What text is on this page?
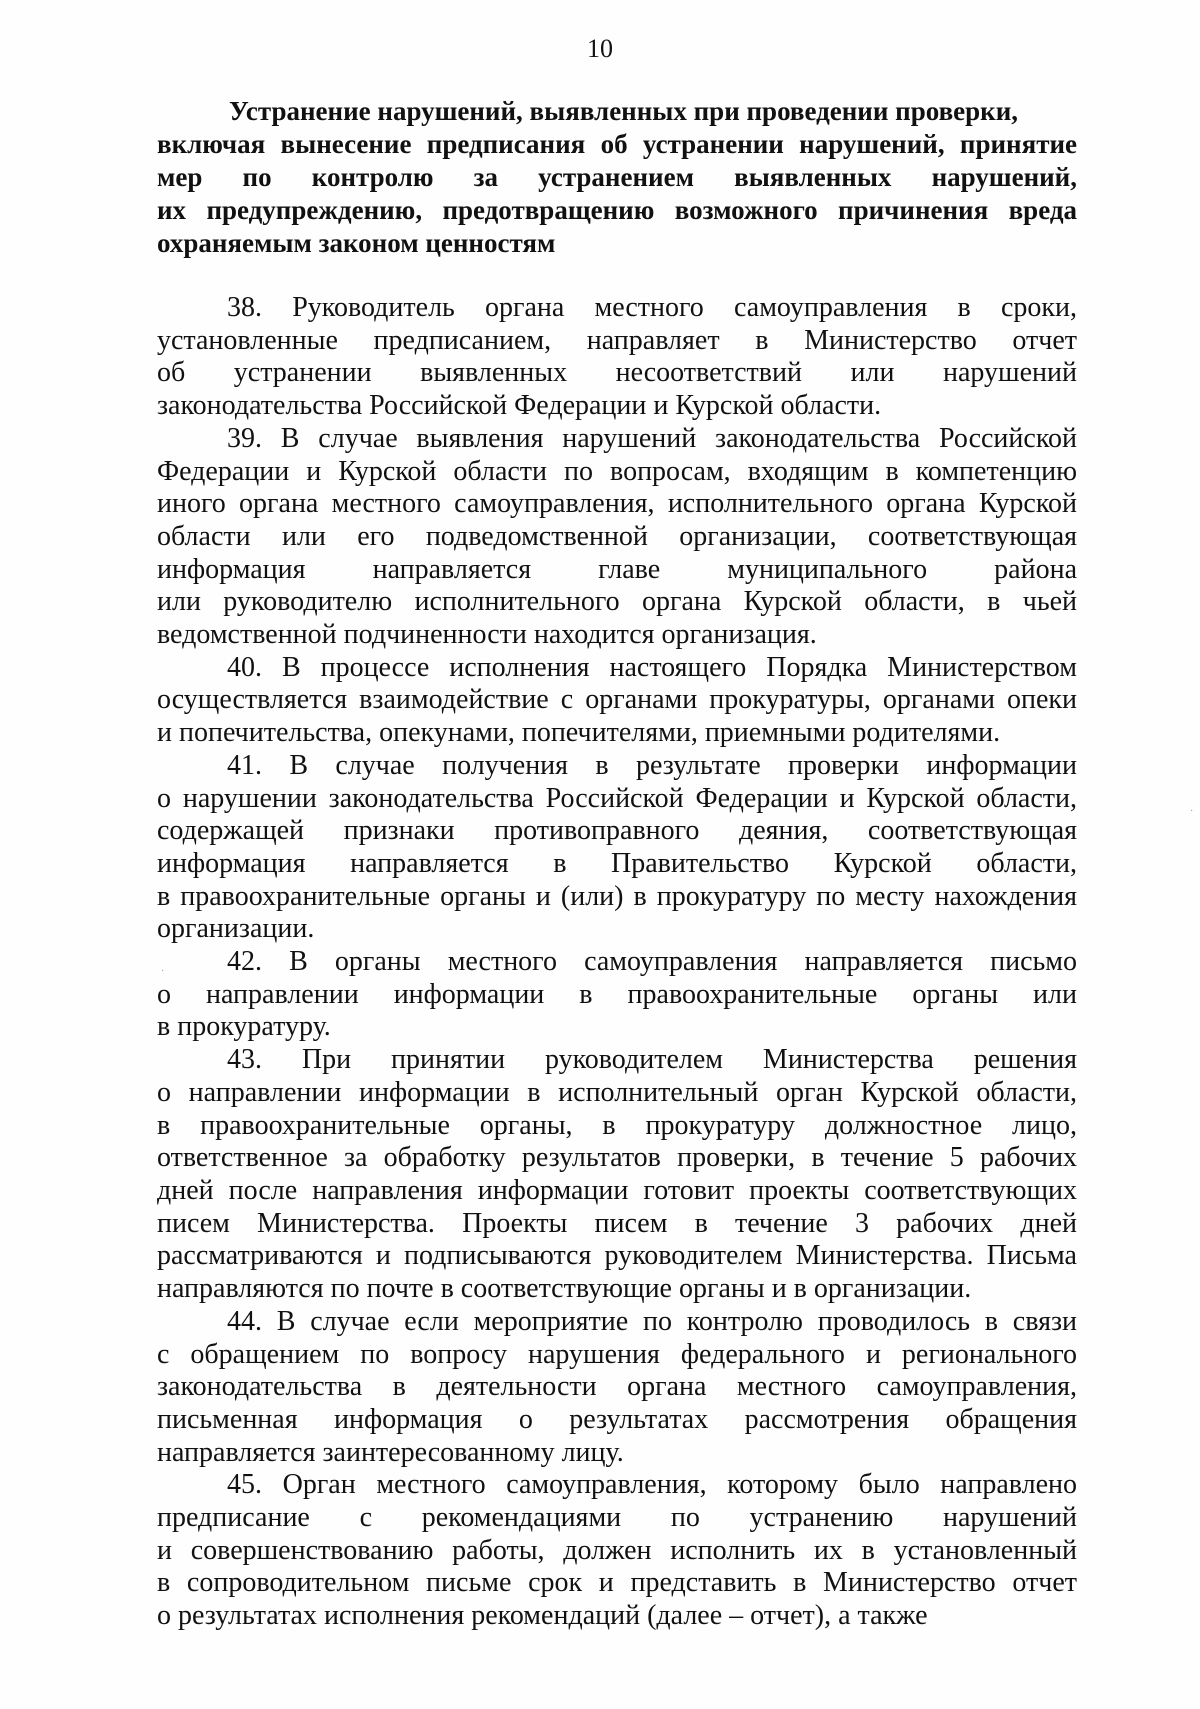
10
Устранение нарушений, выявленных при проведении проверки,
включая вынесение предписания об устранении нарушений, принятие
мер по контролю за устранением выявленных нарушений,
их предупреждению, предотвращению возможного причинения вреда
охраняемым законом ценностям
38. Руководитель органа местного самоуправления в сроки,
установленные предписанием, направляет в Министерство отчет
об устранении выявленных несоответствий или нарушений
законодательства Российской Федерации и Курской области.
39. В случае выявления нарушений законодательства Российской
Федерации и Курской области по вопросам, входящим в компетенцию
иного органа местного самоуправления, исполнительного органа Курской
области или его подведомственной организации, соответствующая
информация направляется главе муниципального района
или руководителю исполнительного органа Курской области, в чьей
ведомственной подчиненности находится организация.
40. В процессе исполнения настоящего Порядка Министерством
осуществляется взаимодействие с органами прокуратуры, органами опеки
и попечительства, опекунами, попечителями, приемными родителями.
41. В случае получения в результате проверки информации
о нарушении законодательства Российской Федерации и Курской области,
содержащей признаки противоправного деяния, соответствующая
информация направляется в Правительство Курской области,
в правоохранительные органы и (или) в прокуратуру по месту нахождения
организации.
42. В органы местного самоуправления направляется письмо
о направлении информации в правоохранительные органы или
в прокуратуру.
43. При принятии руководителем Министерства решения
о направлении информации в исполнительный орган Курской области,
в правоохранительные органы, в прокуратуру должностное лицо,
ответственное за обработку результатов проверки, в течение 5 рабочих
дней после направления информации готовит проекты соответствующих
писем Министерства. Проекты писем в течение 3 рабочих дней
рассматриваются и подписываются руководителем Министерства. Письма
направляются по почте в соответствующие органы и в организации.
44. В случае если мероприятие по контролю проводилось в связи
с обращением по вопросу нарушения федерального и регионального
законодательства в деятельности органа местного самоуправления,
письменная информация о результатах рассмотрения обращения
направляется заинтересованному лицу.
45. Орган местного самоуправления, которому было направлено
предписание с рекомендациями по устранению нарушений
и совершенствованию работы, должен исполнить их в установленный
в сопроводительном письме срок и представить в Министерство отчет
о результатах исполнения рекомендаций (далее – отчет), а также
·
·
